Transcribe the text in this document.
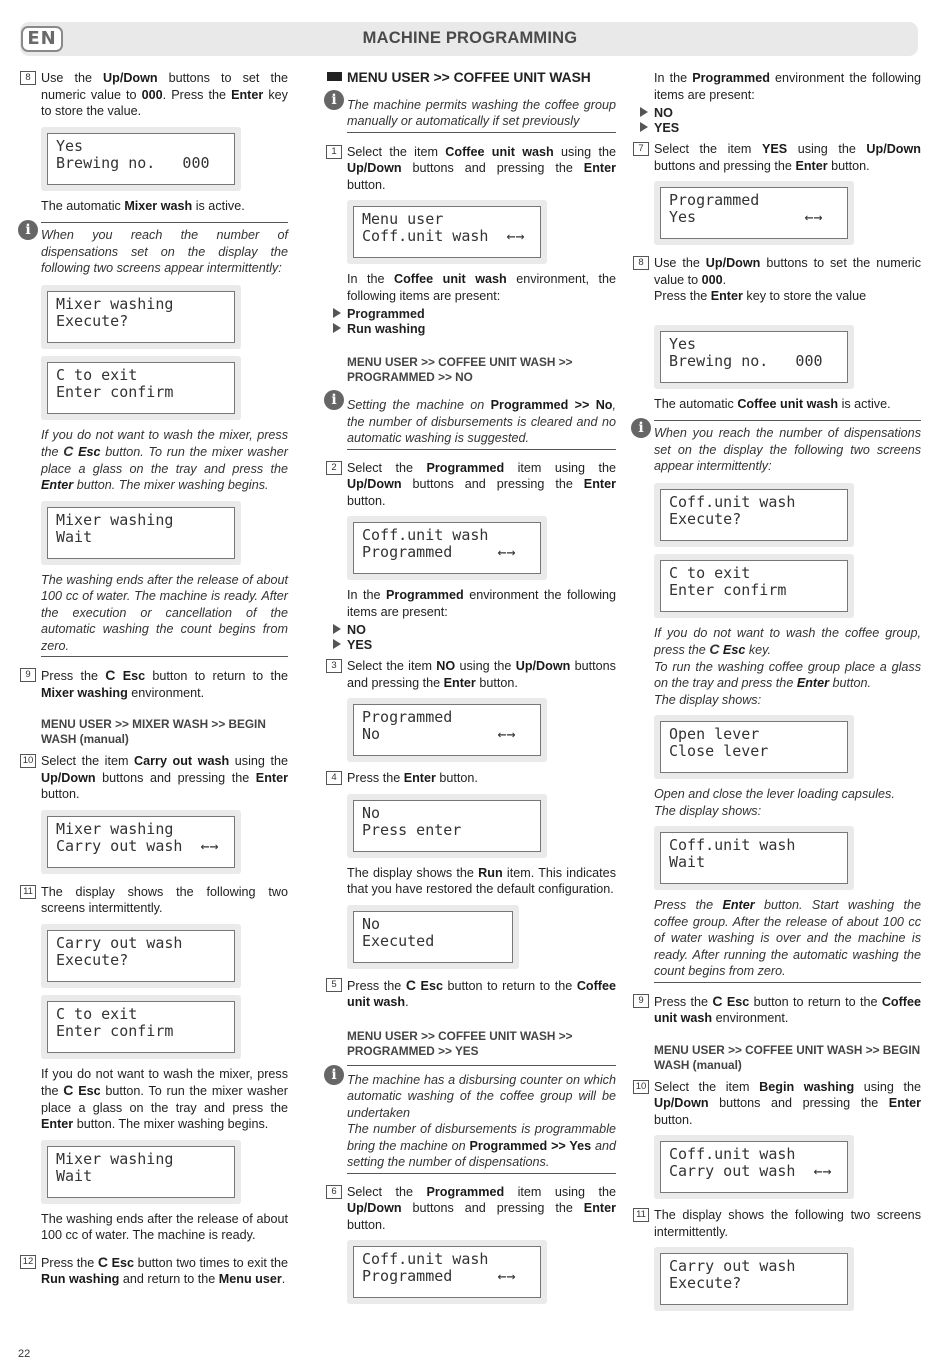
EN	MACHINE PROGRAMMING
8 Use the Up/Down buttons to set the numeric value to 000. Press the Enter key to store the value.
Yes
Brewing no.   000
The automatic Mixer wash is active.
i When you reach the number of dispensations set on the display the following two screens appear intermittently:
Mixer washing
Execute?
C to exit
Enter confirm
If you do not want to wash the mixer, press the C Esc button. To run the mixer washer place a glass on the tray and press the Enter button. The mixer washing begins.
Mixer washing
Wait
The washing ends after the release of about 100 cc of water. The machine is ready. After the execution or cancellation of the automatic washing the count begins from zero.
9 Press the C Esc button to return to the Mixer washing environment.
MENU USER >> MIXER WASH >> BEGIN WASH (manual)
10 Select the item Carry out wash using the Up/Down buttons and pressing the Enter button.
Mixer washing
Carry out wash  ←→
11 The display shows the following two screens intermittently.
Carry out wash
Execute?
C to exit
Enter confirm
If you do not want to wash the mixer, press the C Esc button. To run the mixer washer place a glass on the tray and press the Enter button. The mixer washing begins.
Mixer washing
Wait
The washing ends after the release of about 100 cc of water. The machine is ready.
12 Press the C Esc button two times to exit the Run washing and return to the Menu user.
MENU USER >> COFFEE UNIT WASH
i The machine permits washing the coffee group manually or automatically if set previously
1 Select the item Coffee unit wash using the Up/Down buttons and pressing the Enter button.
Menu user
Coff.unit wash  ←→
In the Coffee unit wash environment, the following items are present:
Programmed
Run washing
MENU USER >> COFFEE UNIT WASH >> PROGRAMMED >> NO
i Setting the machine on Programmed >> No, the number of disbursements is cleared and no automatic washing is suggested.
2 Select the Programmed item using the Up/Down buttons and pressing the Enter button.
Coff.unit wash
Programmed     ←→
In the Programmed environment the following items are present:
NO
YES
3 Select the item NO using the Up/Down buttons and pressing the Enter button.
Programmed
No             ←→
4 Press the Enter button.
No
Press enter
The display shows the Run item. This indicates that you have restored the default configuration.
No
Executed
5 Press the C Esc button to return to the Coffee unit wash.
MENU USER >> COFFEE UNIT WASH >> PROGRAMMED >> YES
i The machine has a disbursing counter on which automatic washing of the coffee group will be undertaken
The number of disbursements is programmable bring the machine on Programmed >> Yes and setting the number of dispensations.
6 Select the Programmed item using the Up/Down buttons and pressing the Enter button.
Coff.unit wash
Programmed     ←→
In the Programmed environment the following items are present:
NO
YES
7 Select the item YES using the Up/Down buttons and pressing the Enter button.
Programmed
Yes            ←→
8 Use the Up/Down buttons to set the numeric value to 000.
Press the Enter key to store the value
Yes
Brewing no.   000
The automatic Coffee unit wash is active.
i When you reach the number of dispensations set on the display the following two screens appear intermittently:
Coff.unit wash
Execute?
C to exit
Enter confirm
If you do not want to wash the coffee group, press the C Esc key.
To run the washing coffee group place a glass on the tray and press the Enter button.
The display shows:
Open lever
Close lever
Open and close the lever loading capsules.
The display shows:
Coff.unit wash
Wait
Press the Enter button. Start washing the coffee group. After the release of about 100 cc of water washing is over and the machine is ready. After running the automatic washing the count begins from zero.
9 Press the C Esc button to return to the Coffee unit wash environment.
MENU USER >> COFFEE UNIT WASH >> BEGIN WASH (manual)
10 Select the item Begin washing using the Up/Down buttons and pressing the Enter button.
Coff.unit wash
Carry out wash  ←→
11 The display shows the following two screens intermittently.
Carry out wash
Execute?
22
